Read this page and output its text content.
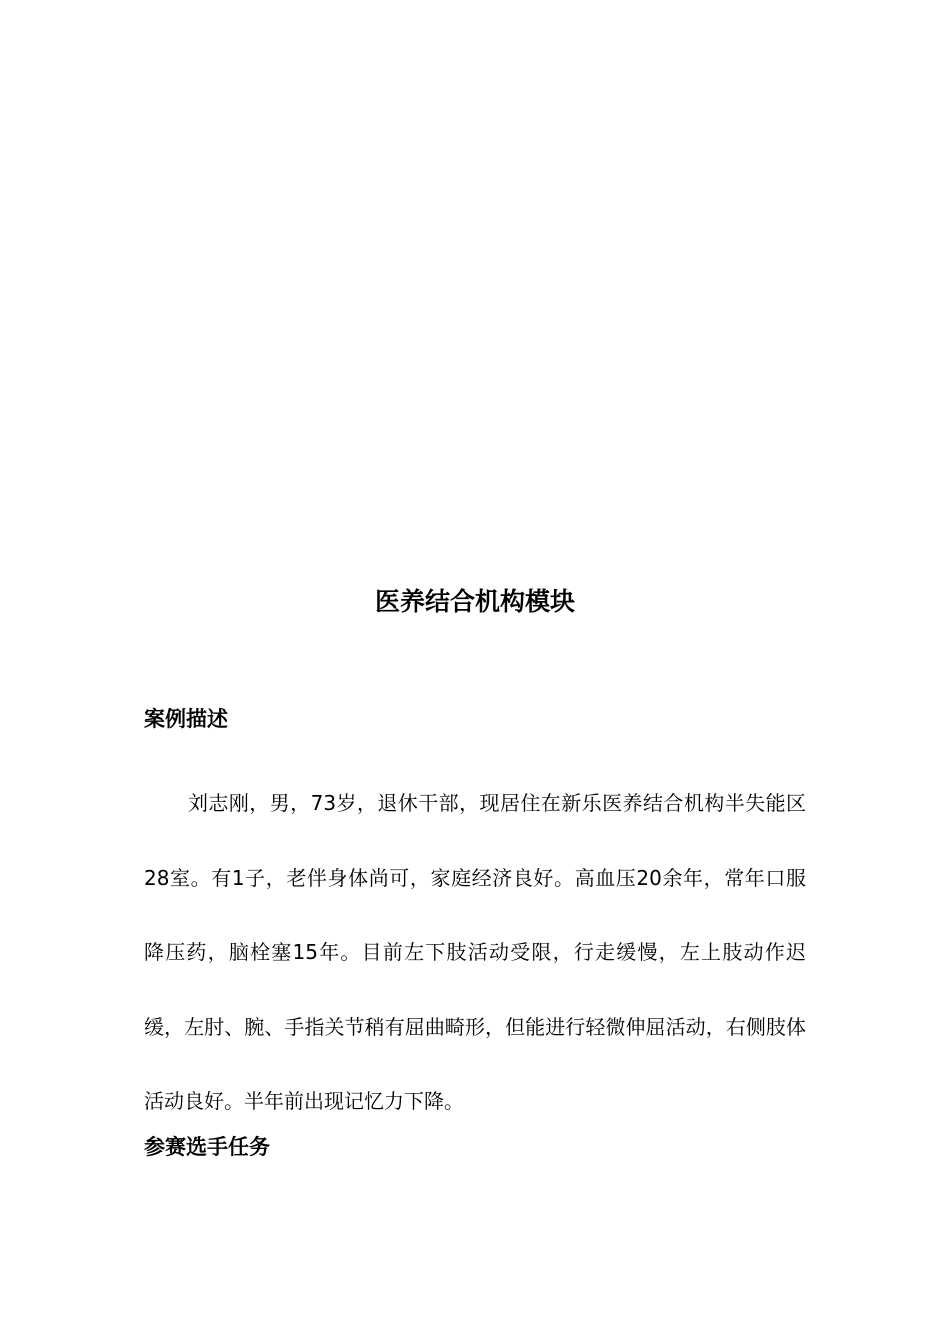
医养结合机构模块
案例描述

刘志刚，男，73岁，退休干部，现居住在新乐医养结合机构半失能区28室。有1子，老伴身体尚可，家庭经济良好。高血压20余年，常年口服降压药，脑栓塞15年。目前左下肢活动受限，行走缓慢，左上肢动作迟缓，左肘、腕、手指关节稍有屈曲畸形，但能进行轻微伸屈活动，右侧肢体活动良好。半年前出现记忆力下降。

参赛选手任务
